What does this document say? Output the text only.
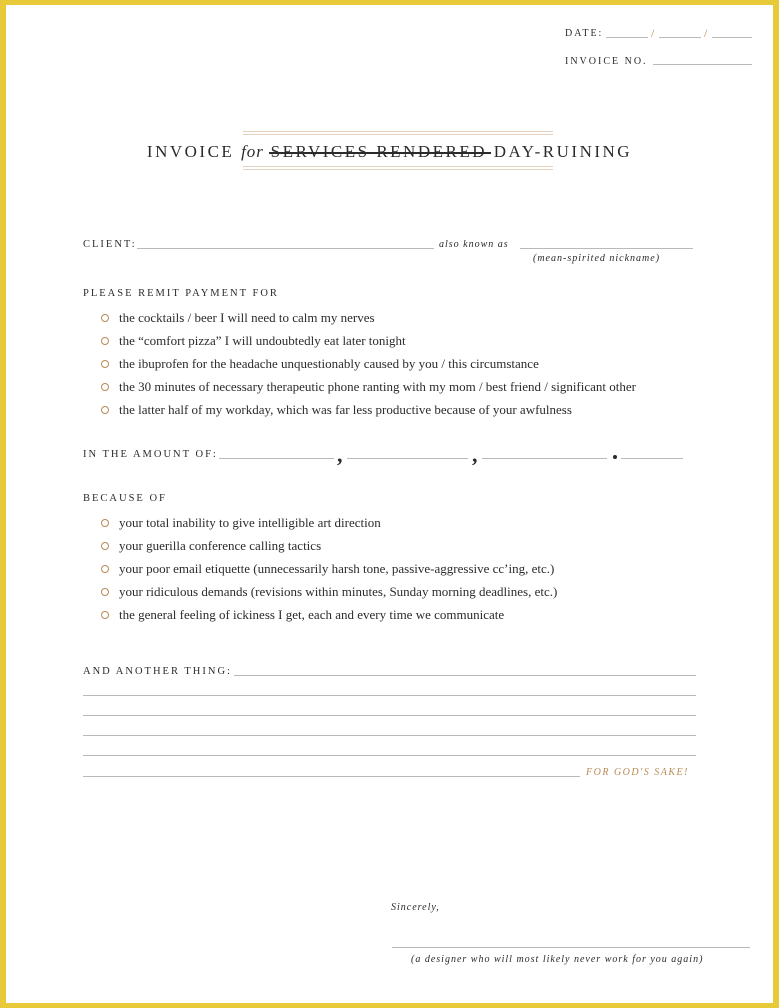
DATE:	/	/
INVOICE NO.
INVOICE for SERVICES RENDERED DAY-RUINING
CLIENT:	also known as
(mean-spirited nickname)
PLEASE REMIT PAYMENT FOR
the cocktails / beer I will need to calm my nerves
the “comfort pizza” I will undoubtedly eat later tonight
the ibuprofen for the headache unquestionably caused by you / this circumstance
the 30 minutes of necessary therapeutic phone ranting with my mom / best friend / significant other
the latter half of my workday, which was far less productive because of your awfulness
IN THE AMOUNT OF:	,	,
BECAUSE OF
your total inability to give intelligible art direction
your guerilla conference calling tactics
your poor email etiquette (unnecessarily harsh tone, passive-aggressive cc’ing, etc.)
your ridiculous demands (revisions within minutes, Sunday morning deadlines, etc.)
the general feeling of ickiness I get, each and every time we communicate
AND ANOTHER THING:
FOR GOD'S SAKE!
Sincerely,
(a designer who will most likely never work for you again)
